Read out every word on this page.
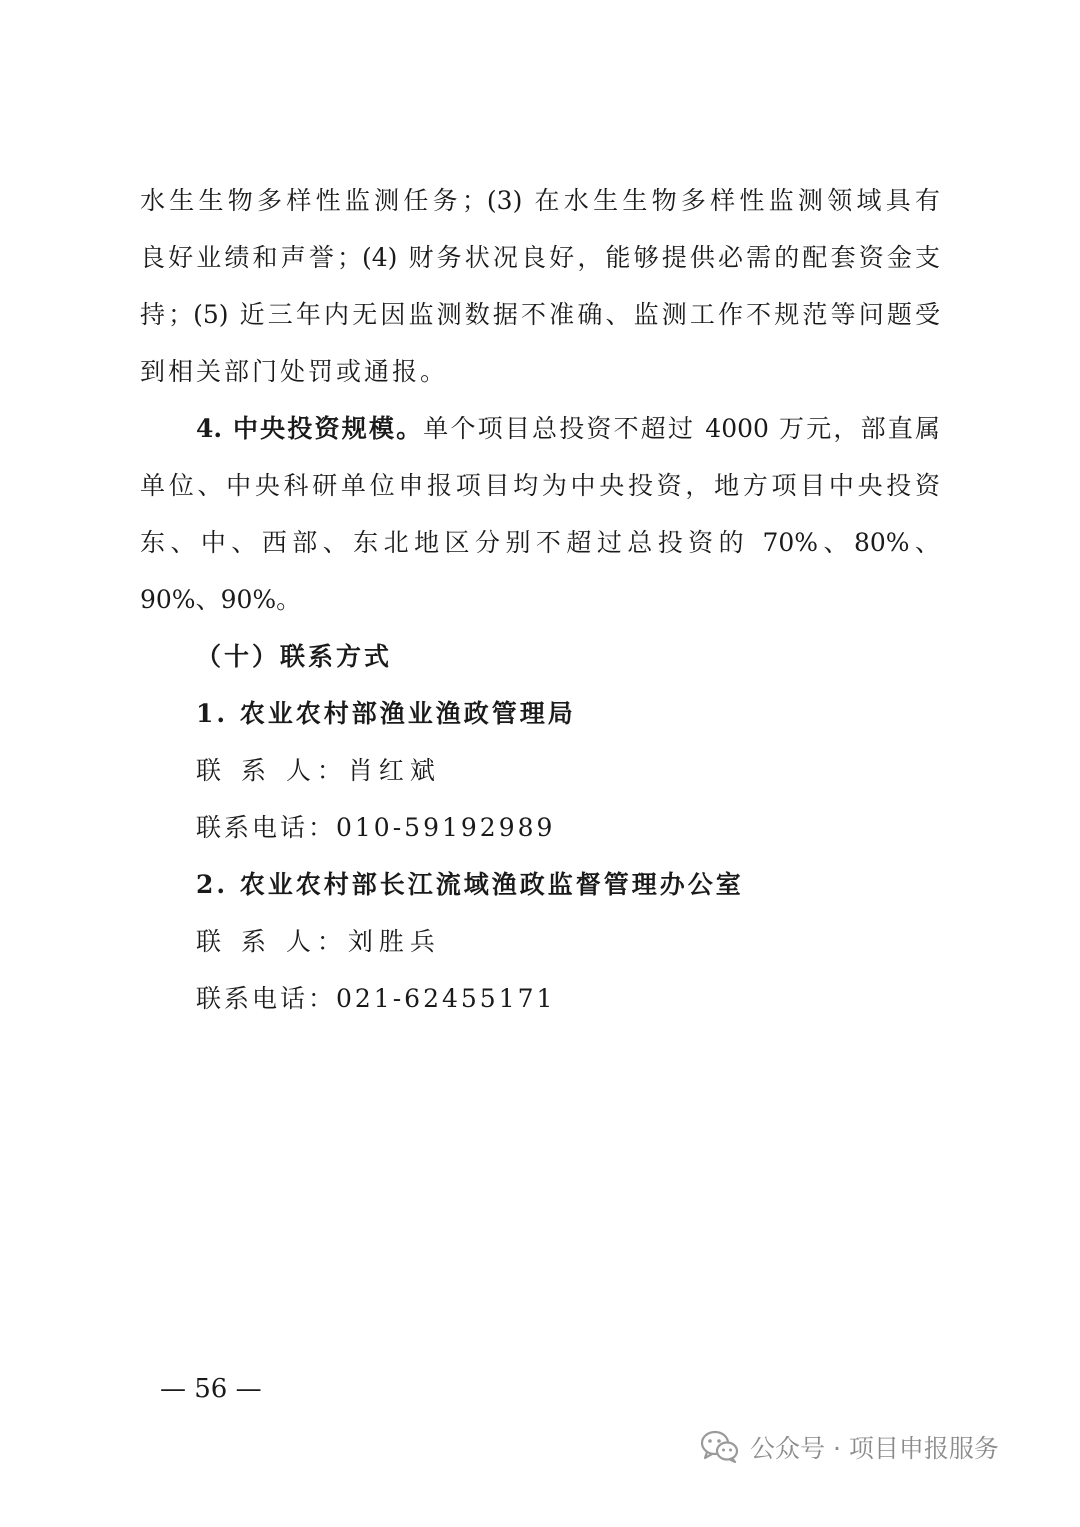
水生生物多样性监测任务；(3) 在水生生物多样性监测领域具有
良好业绩和声誉；(4) 财务状况良好，能够提供必需的配套资金支
持；(5) 近三年内无因监测数据不准确、监测工作不规范等问题受
到相关部门处罚或通报。
4. 中央投资规模。单个项目总投资不超过 4000 万元，部直属
单位、中央科研单位申报项目均为中央投资，地方项目中央投资
东、中、西部、东北地区分别不超过总投资的 70%、80%、
90%、90%。
（十）联系方式
1. 农业农村部渔业渔政管理局
联 系 人：肖红斌
联系电话：010-59192989
2. 农业农村部长江流域渔政监督管理办公室
联 系 人：刘胜兵
联系电话：021-62455171
— 56 —
公众号 · 项目申报服务
